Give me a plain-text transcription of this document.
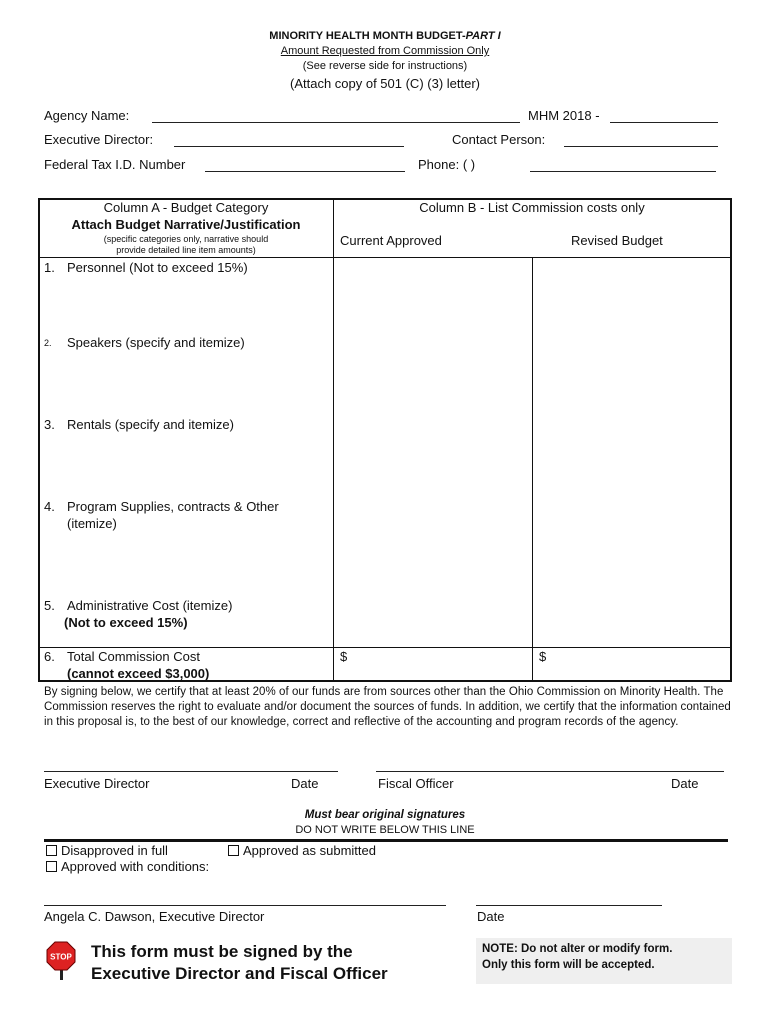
MINORITY HEALTH MONTH BUDGET-PART I
Amount Requested from Commission Only
(See reverse side for instructions)
(Attach copy of 501 (C) (3) letter)
Agency Name:	MHM 2018 -
Executive Director:	Contact Person:
Federal Tax I.D. Number	Phone: ( )
Column A - Budget Category
Attach Budget Narrative/Justification
(specific categories only, narrative should
provide detailed line item amounts)
Column B - List Commission costs only
Current Approved	Revised Budget
1. Personnel (Not to exceed 15%)
2. Speakers (specify and itemize)
3. Rentals (specify and itemize)
4. Program Supplies, contracts & Other
(itemize)
5. Administrative Cost (itemize)
(Not to exceed 15%)
6. Total Commission Cost
(cannot exceed $3,000)
$	$
By signing below, we certify that at least 20% of our funds are from sources other than the Ohio Commission on Minority Health. The Commission reserves the right to evaluate and/or document the sources of funds. In addition, we certify that the information contained in this proposal is, to the best of our knowledge, correct and reflective of the accounting and program records of the agency.
Executive Director	Date	Fiscal Officer	Date
Must bear original signatures
DO NOT WRITE BELOW THIS LINE
Disapproved in full	Approved as submitted
Approved with conditions:
Angela C. Dawson, Executive Director	Date
STOP This form must be signed by the
Executive Director and Fiscal Officer
NOTE: Do not alter or modify form.
Only this form will be accepted.
